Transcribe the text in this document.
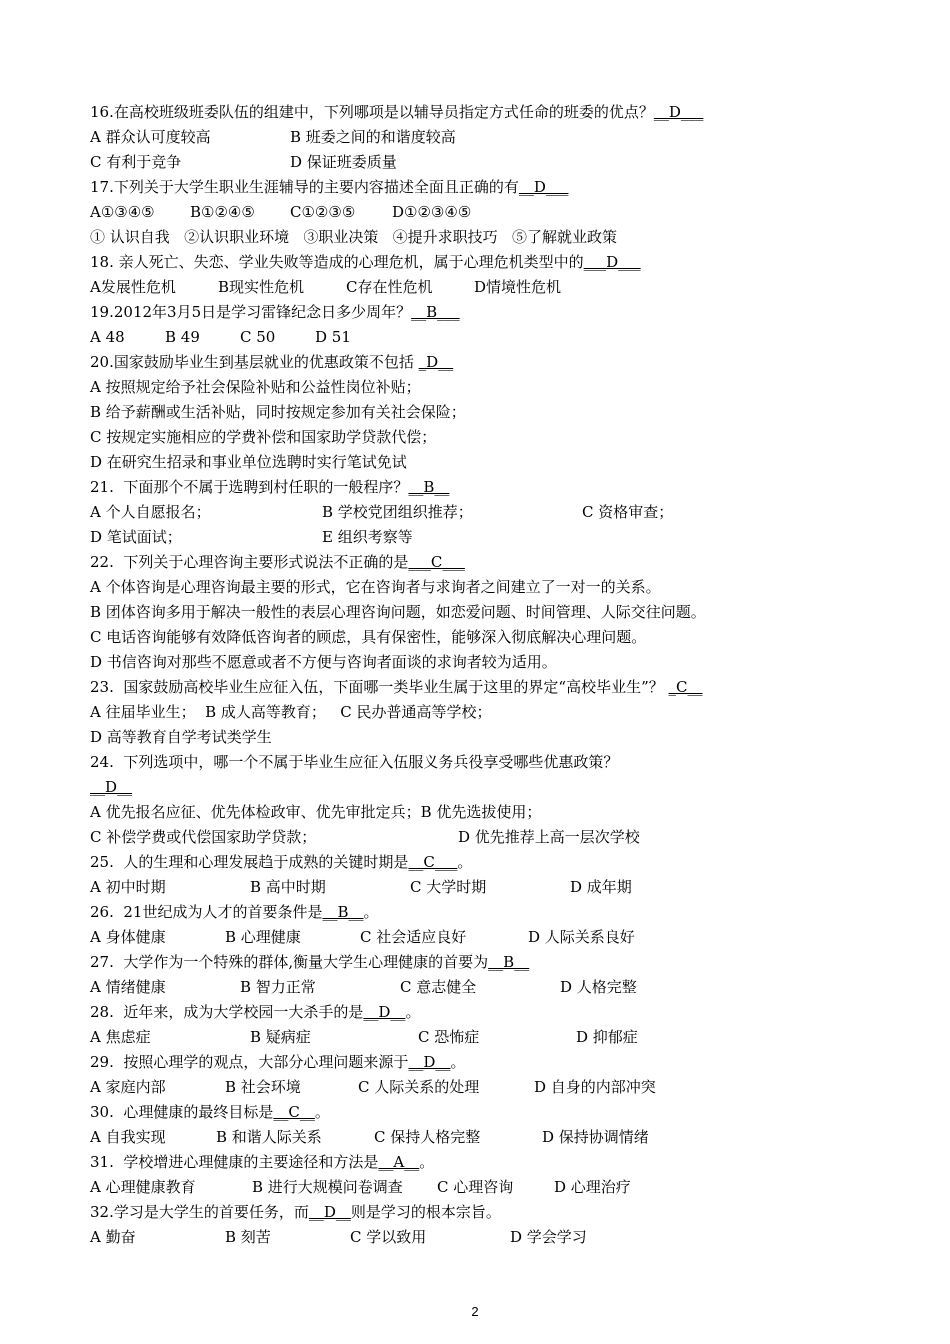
16.在高校班级班委队伍的组建中，下列哪项是以辅导员指定方式任命的班委的优点？__D___
A 群众认可度较高	B 班委之间的和谐度较高
C 有利于竞争	D 保证班委质量
17.下列关于大学生职业生涯辅导的主要内容描述全面且正确的有__D___
A①③④⑤ B①②④⑤ C①②③⑤ D①②③④⑤
① 认识自我   ②认识职业环境   ③职业决策   ④提升求职技巧   ⑤了解就业政策
18. 亲人死亡、失恋、学业失败等造成的心理危机，属于心理危机类型中的___D___
A发展性危机	B现实性危机	C存在性危机	D情境性危机
19.2012年3月5日是学习雷锋纪念日多少周年？__B___
A 48	B 49	C 50	D 51
20.国家鼓励毕业生到基层就业的优惠政策不包括 _D__
A 按照规定给予社会保险补贴和公益性岗位补贴；
B 给予薪酬或生活补贴，同时按规定参加有关社会保险；
C 按规定实施相应的学费补偿和国家助学贷款代偿；
D 在研究生招录和事业单位选聘时实行笔试免试
21.  下面那个不属于选聘到村任职的一般程序？__B__
A 个人自愿报名；	B 学校党团组织推荐；	C 资格审查；
D 笔试面试；	E 组织考察等
22.  下列关于心理咨询主要形式说法不正确的是___C___
A 个体咨询是心理咨询最主要的形式，它在咨询者与求询者之间建立了一对一的关系。
B 团体咨询多用于解决一般性的表层心理咨询问题，如恋爱问题、时间管理、人际交往问题。
C 电话咨询能够有效降低咨询者的顾虑，具有保密性，能够深入彻底解决心理问题。
D 书信咨询对那些不愿意或者不方便与咨询者面谈的求询者较为适用。
23.  国家鼓励高校毕业生应征入伍，下面哪一类毕业生属于这里的界定“高校毕业生”？ _C__
A 往届毕业生；  B 成人高等教育；   C 民办普通高等学校；
D 高等教育自学考试类学生
24.  下列选项中，哪一个不属于毕业生应征入伍服义务兵役享受哪些优惠政策？
__D__
A 优先报名应征、优先体检政审、优先审批定兵；B 优先选拔使用；
C 补偿学费或代偿国家助学贷款；	D 优先推荐上高一层次学校
25.  人的生理和心理发展趋于成熟的关键时期是__C___。
A 初中时期	B 高中时期	C 大学时期	D 成年期
26.  21世纪成为人才的首要条件是__B__。
A 身体健康	B 心理健康	C 社会适应良好	D 人际关系良好
27.  大学作为一个特殊的群体,衡量大学生心理健康的首要为__B__
A 情绪健康	B 智力正常	C 意志健全	D 人格完整
28.  近年来，成为大学校园一大杀手的是__D__。
A 焦虑症	B 疑病症	C 恐怖症	D 抑郁症
29.  按照心理学的观点，大部分心理问题来源于__D__。
A 家庭内部	B 社会环境	C 人际关系的处理	D 自身的内部冲突
30.  心理健康的最终目标是__C__。
A 自我实现	B 和谐人际关系	C 保持人格完整	D 保持协调情绪
31.  学校增进心理健康的主要途径和方法是__A__。
A 心理健康教育	B 进行大规模问卷调查 C 心理咨询	D 心理治疗
32.学习是大学生的首要任务，而__D__则是学习的根本宗旨。
A 勤奋	B 刻苦	C 学以致用	D 学会学习
2
